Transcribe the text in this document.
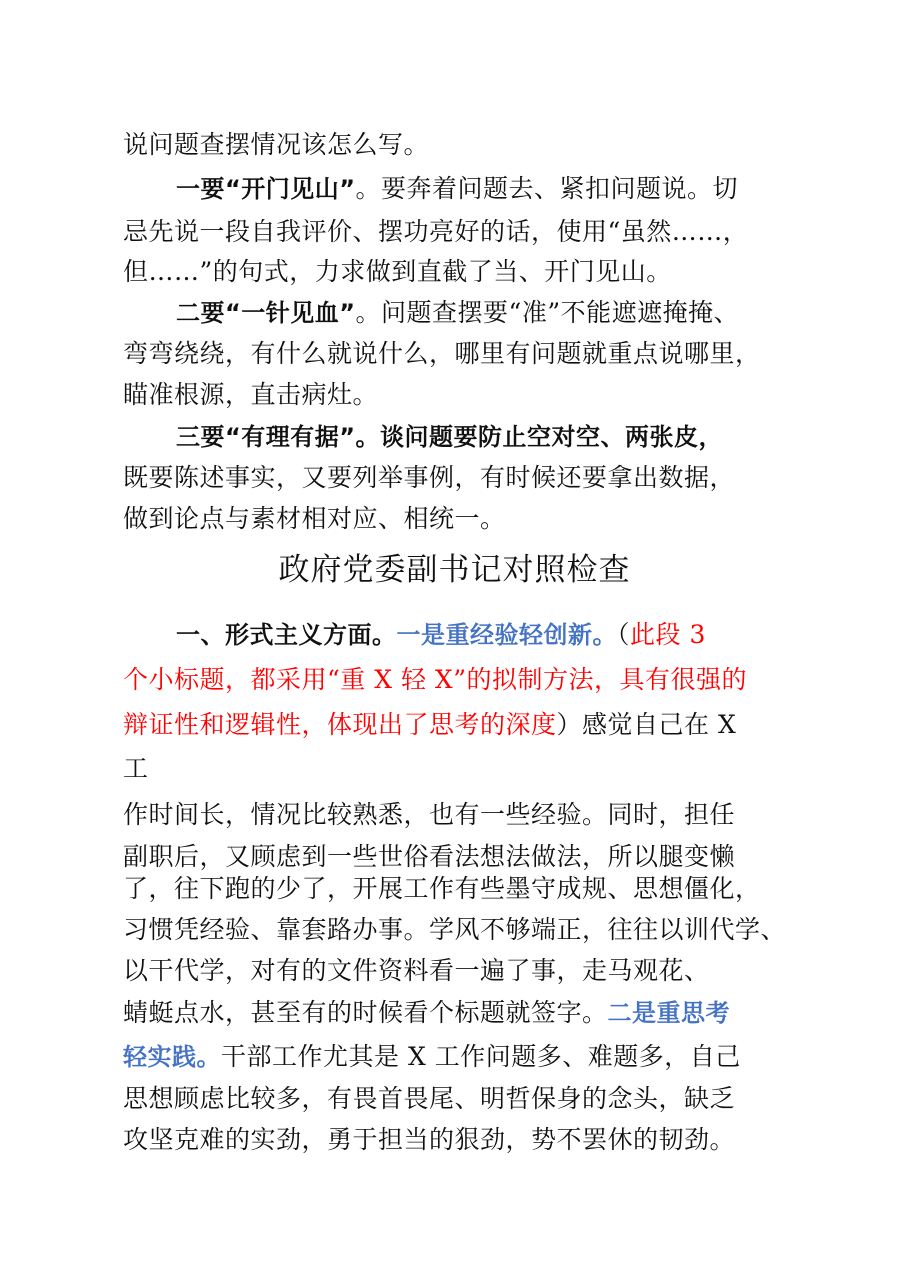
说问题查摆情况该怎么写。
一要“开门见山”。要奔着问题去、紧扣问题说。切
忌先说一段自我评价、摆功亮好的话，使用“虽然……，
但……”的句式，力求做到直截了当、开门见山。
二要“一针见血”。问题查摆要“准”不能遮遮掩掩、
弯弯绕绕，有什么就说什么，哪里有问题就重点说哪里，
瞄准根源，直击病灶。
三要“有理有据”。谈问题要防止空对空、两张皮，
既要陈述事实，又要列举事例，有时候还要拿出数据，
做到论点与素材相对应、相统一。
政府党委副书记对照检查
一、形式主义方面。一是重经验轻创新。（此段 3
个小标题，都采用“重 X 轻 X”的拟制方法，具有很强的
辩证性和逻辑性，体现出了思考的深度）感觉自己在 X
工
作时间长，情况比较熟悉，也有一些经验。同时，担任
副职后，又顾虑到一些世俗看法想法做法，所以腿变懒
了，往下跑的少了，开展工作有些墨守成规、思想僵化，
习惯凭经验、靠套路办事。学风不够端正，往往以训代学、
以干代学，对有的文件资料看一遍了事，走马观花、
蜻蜓点水，甚至有的时候看个标题就签字。二是重思考
轻实践。干部工作尤其是 X 工作问题多、难题多，自己
思想顾虑比较多，有畏首畏尾、明哲保身的念头，缺乏
攻坚克难的实劲，勇于担当的狠劲，势不罢休的韧劲。
